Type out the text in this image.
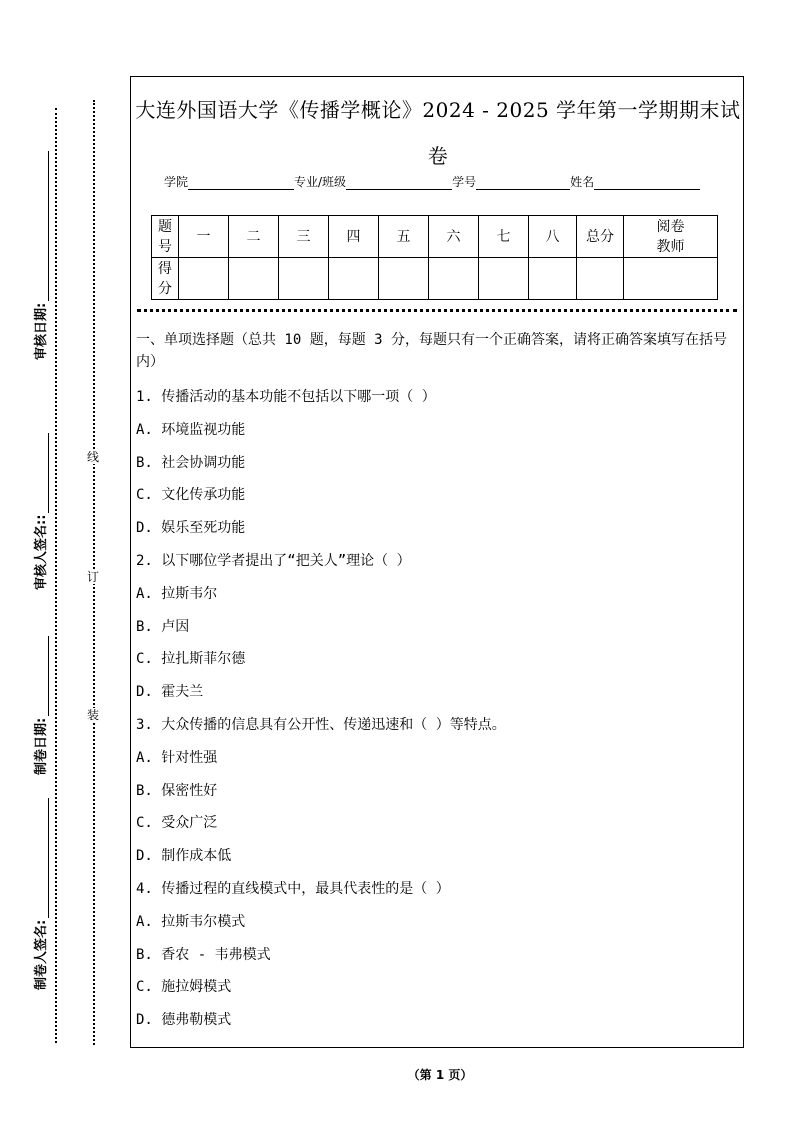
线
订
装
审核日期:
审核人签名::
制卷日期:
制卷人签名:
大连外国语大学《传播学概论》2024 - 2025 学年第一学期期末试
卷
学院	专业/班级	学号	姓名
题号	一	二	三	四	五	六	七	八	总分	阅卷教师
得分										
一、单项选择题（总共 10 题，每题 3 分，每题只有一个正确答案，请将正确答案填写在括号内）
1. 传播活动的基本功能不包括以下哪一项（ ）
A. 环境监视功能
B. 社会协调功能
C. 文化传承功能
D. 娱乐至死功能
2. 以下哪位学者提出了“把关人”理论（ ）
A. 拉斯韦尔
B. 卢因
C. 拉扎斯菲尔德
D. 霍夫兰
3. 大众传播的信息具有公开性、传递迅速和（ ）等特点。
A. 针对性强
B. 保密性好
C. 受众广泛
D. 制作成本低
4. 传播过程的直线模式中，最具代表性的是（ ）
A. 拉斯韦尔模式
B. 香农 - 韦弗模式
C. 施拉姆模式
D. 德弗勒模式
（第 1 页）
